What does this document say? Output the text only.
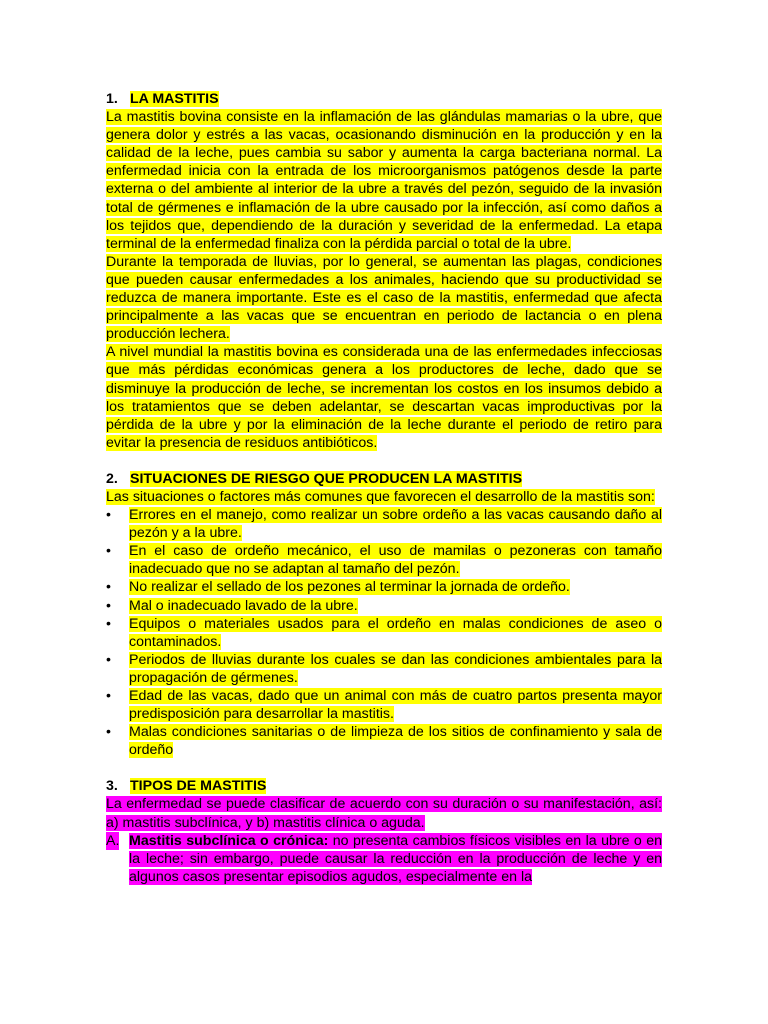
1. LA MASTITIS

La mastitis bovina consiste en la inflamación de las glándulas mamarias o la ubre, que genera dolor y estrés a las vacas, ocasionando disminución en la producción y en la calidad de la leche, pues cambia su sabor y aumenta la carga bacteriana normal. La enfermedad inicia con la entrada de los microorganismos patógenos desde la parte externa o del ambiente al interior de la ubre a través del pezón, seguido de la invasión total de gérmenes e inflamación de la ubre causado por la infección, así como daños a los tejidos que, dependiendo de la duración y severidad de la enfermedad. La etapa terminal de la enfermedad finaliza con la pérdida parcial o total de la ubre.

Durante la temporada de lluvias, por lo general, se aumentan las plagas, condiciones que pueden causar enfermedades a los animales, haciendo que su productividad se reduzca de manera importante. Este es el caso de la mastitis, enfermedad que afecta principalmente a las vacas que se encuentran en periodo de lactancia o en plena producción lechera.

A nivel mundial la mastitis bovina es considerada una de las enfermedades infecciosas que más pérdidas económicas genera a los productores de leche, dado que se disminuye la producción de leche, se incrementan los costos en los insumos debido a los tratamientos que se deben adelantar, se descartan vacas improductivas por la pérdida de la ubre y por la eliminación de la leche durante el periodo de retiro para evitar la presencia de residuos antibióticos.

2. SITUACIONES DE RIESGO QUE PRODUCEN LA MASTITIS

Las situaciones o factores más comunes que favorecen el desarrollo de la mastitis son:

•	Errores en el manejo, como realizar un sobre ordeño a las vacas causando daño al pezón y a la ubre.
•	En el caso de ordeño mecánico, el uso de mamilas o pezoneras con tamaño inadecuado que no se adaptan al tamaño del pezón.
•	No realizar el sellado de los pezones al terminar la jornada de ordeño.
•	Mal o inadecuado lavado de la ubre.
•	Equipos o materiales usados para el ordeño en malas condiciones de aseo o contaminados.
•	Periodos de lluvias durante los cuales se dan las condiciones ambientales para la propagación de gérmenes.
•	Edad de las vacas, dado que un animal con más de cuatro partos presenta mayor predisposición para desarrollar la mastitis.
•	Malas condiciones sanitarias o de limpieza de los sitios de confinamiento y sala de ordeño
3. TIPOS DE MASTITIS

La enfermedad se puede clasificar de acuerdo con su duración o su manifestación, así: a) mastitis subclínica, y b) mastitis clínica o aguda.

A. Mastitis subclínica o crónica: no presenta cambios físicos visibles en la ubre o en la leche; sin embargo, puede causar la reducción en la producción de leche y en algunos casos presentar episodios agudos, especialmente en la
